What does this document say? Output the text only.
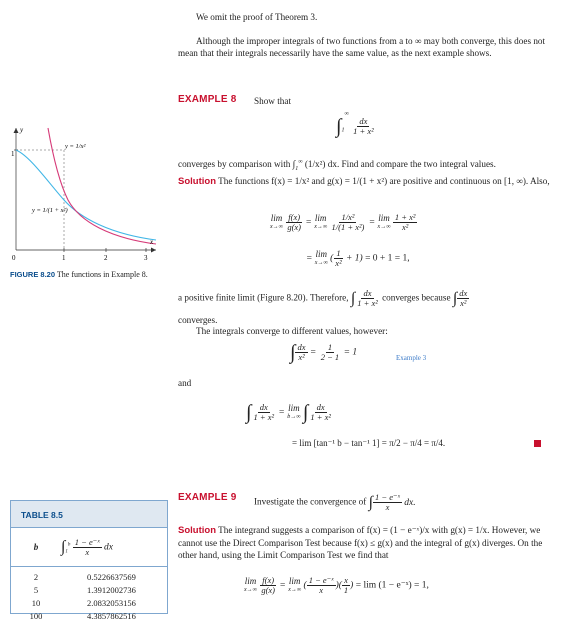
We omit the proof of Theorem 3.
Although the improper integrals of two functions from a to ∞ may both converge, this does not mean that their integrals necessarily have the same value, as the next example shows.
EXAMPLE 8 Show that
$\int_1^\infty$
$\frac{dx}{\text{1 + x²}}$
converges by comparison with $\int_1^\infty$ (1/x²) dx. Find and compare the two integral values.
Solution The functions f(x) = 1/x² and g(x) = 1/(1 + x²) are positive and continuous on [1, ∞). Also,
lim
x→∞
$\frac{f(x)}{g(x)} = \lim$
x→∞
$\frac{\text{1/x²}}{\text{1/(1 + x²)}} = \lim$
x→∞
$\frac{\text{1 + x²}}{\text{x²}}$
= lim
x→∞ ( $\frac{1}{\text{x²}} + 1) = 0 + 1 = 1$,
a positive finite limit (Figure 8.20). Therefore, ∫ $\frac{dx}{\text{1 + x²}}$ converges because ∫ $\frac{dx}{\text{x²}}$
converges.
The integrals converge to different values, however:
∫ $\frac{dx}{\text{x²}} = \frac{1}{2 - 1} = 1$
Example 3
and
∫ $\frac{dx}{\text{1 + x²}} = \lim$
b→∞ ∫ $\frac{dx}{\text{1 + x²}}$
= lim [tan⁻¹ b − tan⁻¹ 1] = π/2 − π/4 = π/4.
1
0	1	2	3
y
x
y = 1/x²
y = 1/(1 + x²)
FIGURE 8.20 The functions in Example 8.
EXAMPLE 9 Investigate the convergence of ∫ $\frac{\text{1 − e⁻ˣ}}{x}$ dx.
Solution The integrand suggests a comparison of f(x) = (1 − e⁻ˣ)/x with g(x) = 1/x. However, we cannot use the Direct Comparison Test because f(x) ≤ g(x) and the integral of g(x) diverges. On the other hand, using the Limit Comparison Test we find that
lim
x→∞
$\frac{f(x)}{g(x)} = \lim$
x→∞ ( $\frac{\text{1 − e⁻ˣ}}{x}$ )( $\frac{x}{1}$ ) = lim (1 − e⁻ˣ) = 1,
TABLE 8.5
b	$\int_1^b \frac{\text{1 − e⁻ˣ}}{x}$ dx
2	0.5226637569
5	1.3912002736
10	2.0832053156
100	4.3857862516
